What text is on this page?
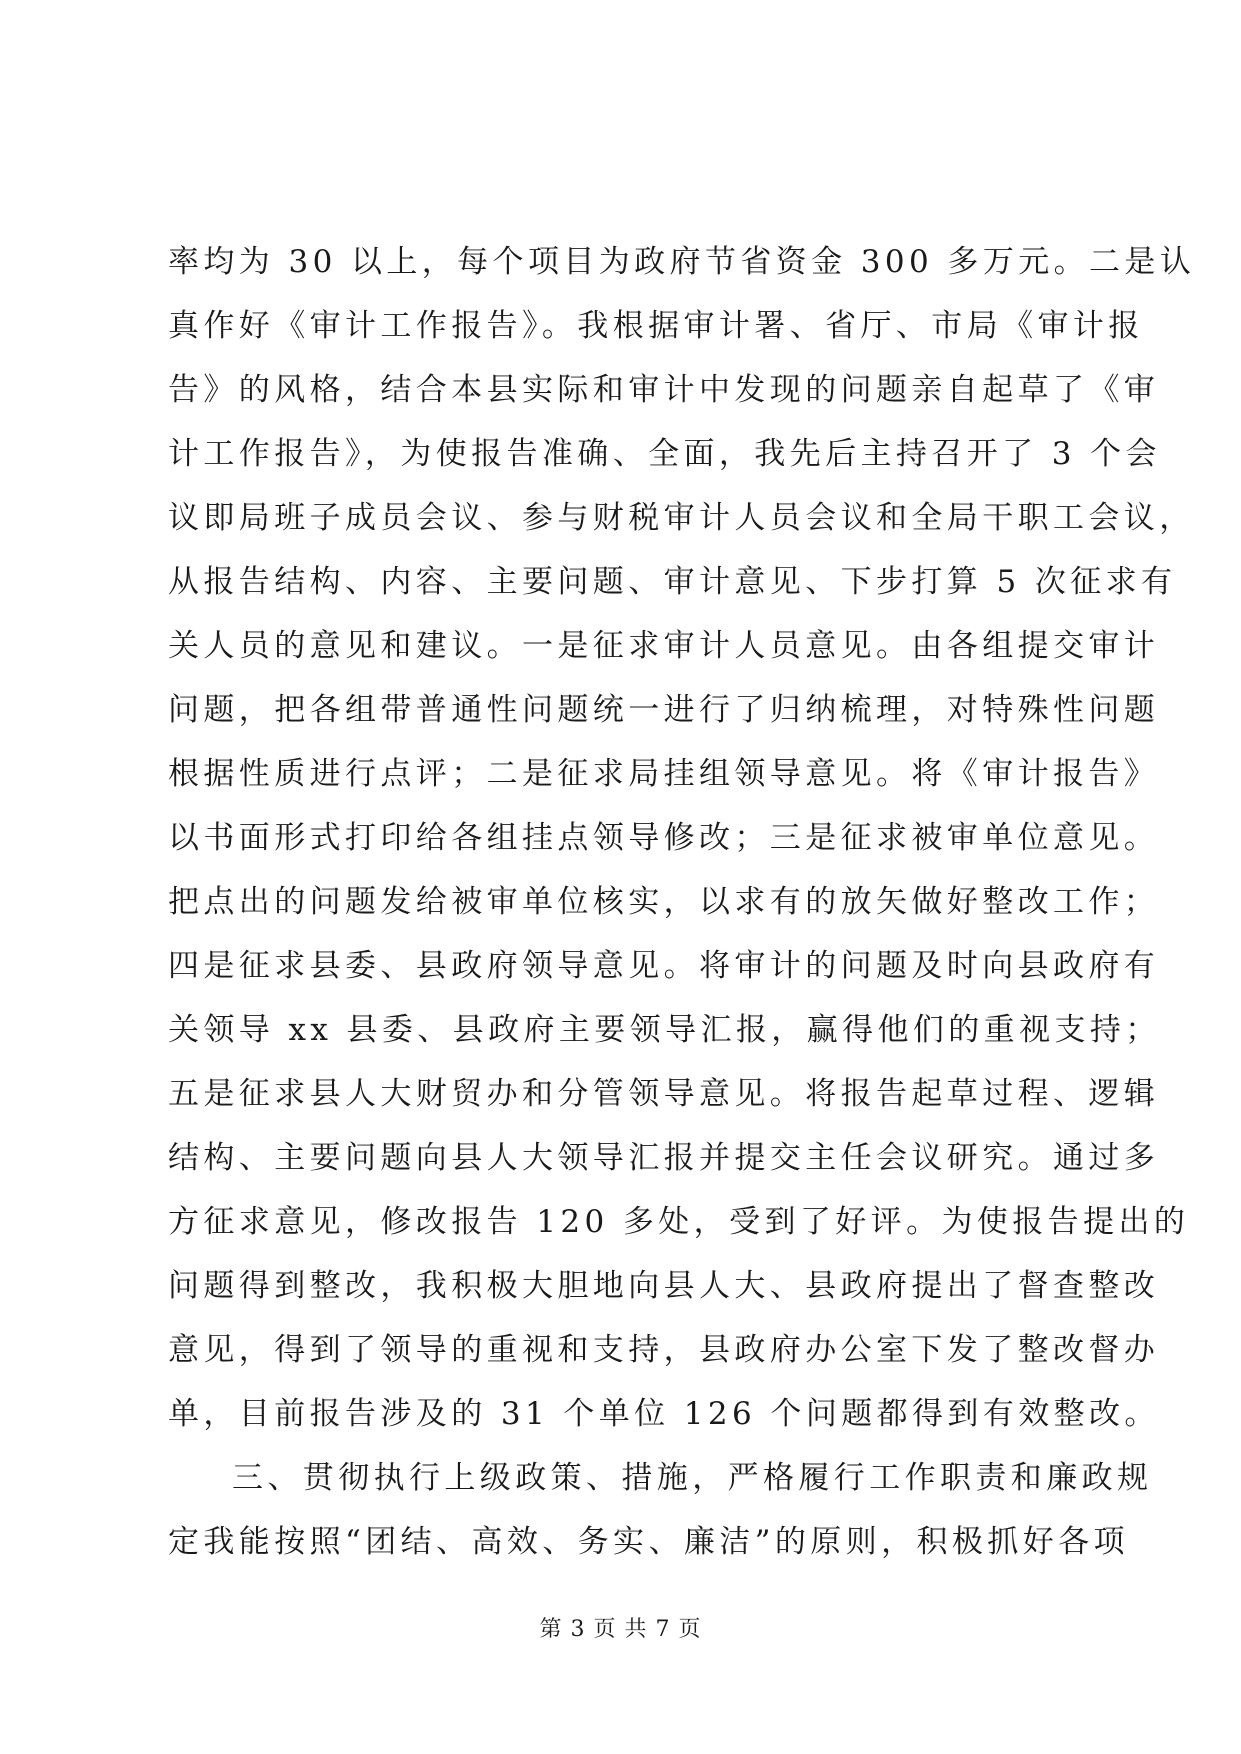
率均为 30 以上，每个项目为政府节省资金 300 多万元。二是认

真作好《审计工作报告》。我根据审计署、省厅、市局《审计报

告》的风格，结合本县实际和审计中发现的问题亲自起草了《审

计工作报告》，为使报告准确、全面，我先后主持召开了 3 个会

议即局班子成员会议、参与财税审计人员会议和全局干职工会议，

从报告结构、内容、主要问题、审计意见、下步打算 5 次征求有

关人员的意见和建议。一是征求审计人员意见。由各组提交审计

问题，把各组带普通性问题统一进行了归纳梳理，对特殊性问题

根据性质进行点评；二是征求局挂组领导意见。将《审计报告》

以书面形式打印给各组挂点领导修改；三是征求被审单位意见。

把点出的问题发给被审单位核实，以求有的放矢做好整改工作；

四是征求县委、县政府领导意见。将审计的问题及时向县政府有

关领导 xx 县委、县政府主要领导汇报，赢得他们的重视支持；

五是征求县人大财贸办和分管领导意见。将报告起草过程、逻辑

结构、主要问题向县人大领导汇报并提交主任会议研究。通过多

方征求意见，修改报告 120 多处，受到了好评。为使报告提出的

问题得到整改，我积极大胆地向县人大、县政府提出了督查整改

意见，得到了领导的重视和支持，县政府办公室下发了整改督办

单，目前报告涉及的 31 个单位 126 个问题都得到有效整改。

三、贯彻执行上级政策、措施，严格履行工作职责和廉政规

定我能按照“团结、高效、务实、廉洁”的原则，积极抓好各项

第 3 页 共 7 页
